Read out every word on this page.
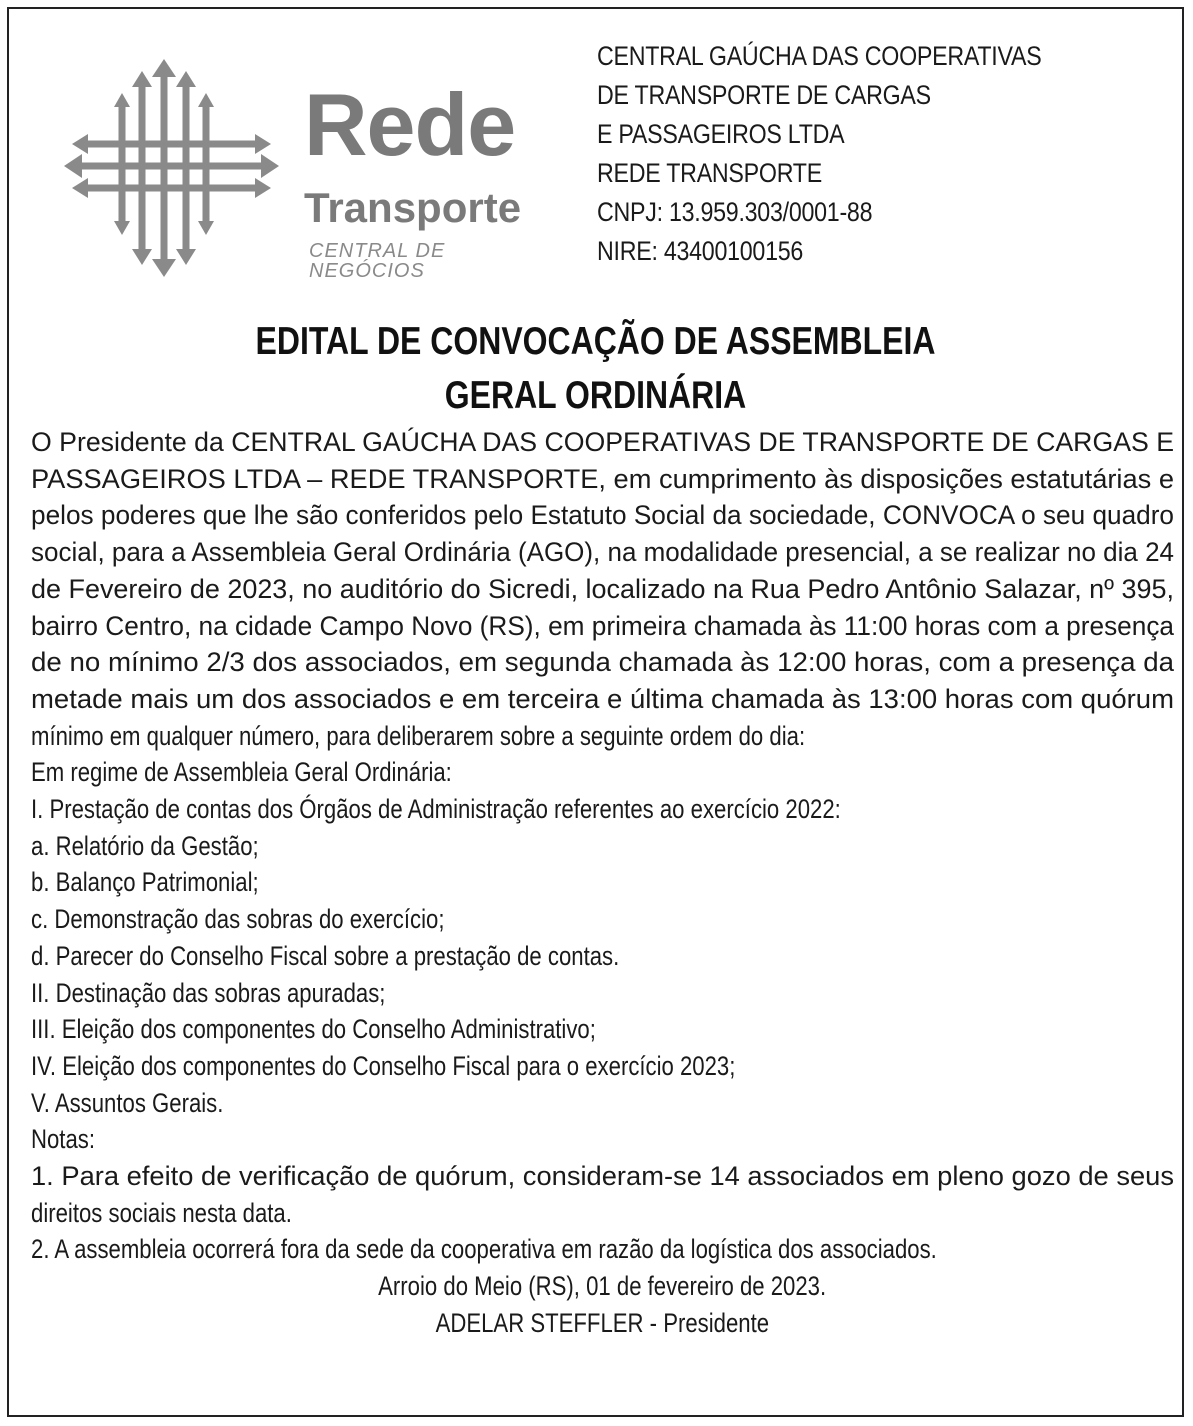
Rede
Transporte
CENTRAL DE NEGÓCIOS
CENTRAL GAÚCHA DAS COOPERATIVAS
DE TRANSPORTE DE CARGAS
E PASSAGEIROS LTDA
REDE TRANSPORTE
CNPJ: 13.959.303/0001-88
NIRE: 43400100156
EDITAL DE CONVOCAÇÃO DE ASSEMBLEIA
GERAL ORDINÁRIA
O Presidente da CENTRAL GAÚCHA DAS COOPERATIVAS DE TRANSPORTE DE CARGAS E
PASSAGEIROS LTDA – REDE TRANSPORTE, em cumprimento às disposições estatutárias e
pelos poderes que lhe são conferidos pelo Estatuto Social da sociedade, CONVOCA o seu quadro
social, para a Assembleia Geral Ordinária (AGO), na modalidade presencial, a se realizar no dia 24
de Fevereiro de 2023, no auditório do Sicredi, localizado na Rua Pedro Antônio Salazar, nº 395,
bairro Centro, na cidade Campo Novo (RS), em primeira chamada às 11:00 horas com a presença
de no mínimo 2/3 dos associados, em segunda chamada às 12:00 horas, com a presença da
metade mais um dos associados e em terceira e última chamada às 13:00 horas com quórum
mínimo em qualquer número, para deliberarem sobre a seguinte ordem do dia:
Em regime de Assembleia Geral Ordinária:
I. Prestação de contas dos Órgãos de Administração referentes ao exercício 2022:
a. Relatório da Gestão;
b. Balanço Patrimonial;
c. Demonstração das sobras do exercício;
d. Parecer do Conselho Fiscal sobre a prestação de contas.
II. Destinação das sobras apuradas;
III. Eleição dos componentes do Conselho Administrativo;
IV. Eleição dos componentes do Conselho Fiscal para o exercício 2023;
V. Assuntos Gerais.
Notas:
1. Para efeito de verificação de quórum, consideram-se 14 associados em pleno gozo de seus
direitos sociais nesta data.
2. A assembleia ocorrerá fora da sede da cooperativa em razão da logística dos associados.
Arroio do Meio (RS), 01 de fevereiro de 2023.
ADELAR STEFFLER - Presidente
